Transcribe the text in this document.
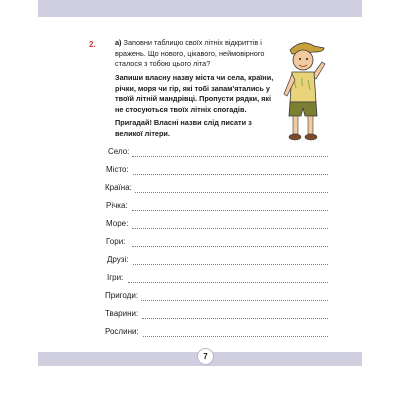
2.	а) Заповни таблицю своїх літніх відкриттів і вражень. Що нового, цікавого, неймовірного сталося з тобою цього літа?

Запиши власну назву міста чи села, країни, річки, моря чи гір, які тобі запам'ятались у твоїй літній мандрівці. Пропусти рядки, які не стосуються твоїх літніх спогадів.

Пригадай! Власні назви слід писати з великої літери.

Село:
Місто:
Країна:
Річка:
Море:
Гори:
Друзі:
Ігри:
Пригоди:
Тварини:
Рослини:
7
